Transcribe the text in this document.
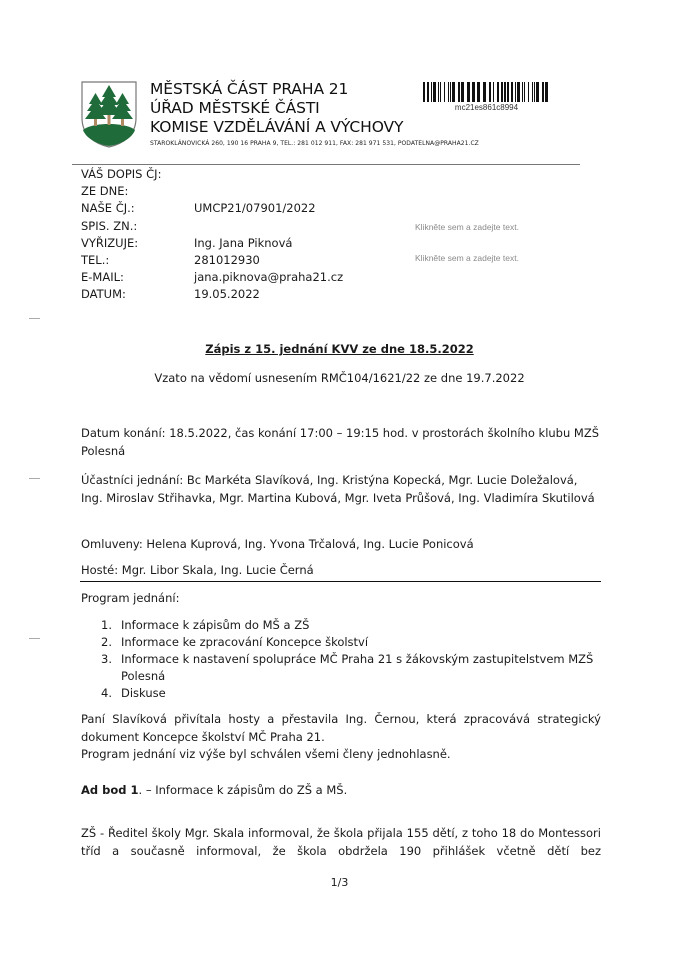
MĚSTSKÁ ČÁST PRAHA 21
ÚŘAD MĚSTSKÉ ČÁSTI
KOMISE VZDĚLÁVÁNÍ A VÝCHOVY
STAROKLÁNOVICKÁ 260, 190 16 PRAHA 9, TEL.: 281 012 911, FAX: 281 971 531, PODATELNA@PRAHA21.CZ
mc21es861c8994
VÁŠ DOPIS ČJ:
ZE DNE:
NAŠE ČJ.:	UMCP21/07901/2022
SPIS. ZN.:
VYŘIZUJE:	Ing. Jana Piknová
TEL.:	281012930
E-MAIL:	jana.piknova@praha21.cz
DATUM:	19.05.2022
Klikněte sem a zadejte text.
Klikněte sem a zadejte text.
Zápis z 15. jednání KVV ze dne 18.5.2022
Vzato na vědomí usnesením RMČ104/1621/22 ze dne 19.7.2022
Datum konání: 18.5.2022, čas konání 17:00 – 19:15 hod. v prostorách školního klubu MZŠ Polesná
Účastníci jednání: Bc Markéta Slavíková, Ing. Kristýna Kopecká, Mgr. Lucie Doležalová, Ing. Miroslav Střihavka, Mgr. Martina Kubová, Mgr. Iveta Průšová, Ing. Vladimíra Skutilová
Omluveny: Helena Kuprová, Ing. Yvona Trčalová, Ing. Lucie Ponicová
Hosté: Mgr. Libor Skala, Ing. Lucie Černá
Program jednání:
1. Informace k zápisům do MŠ a ZŠ
2. Informace ke zpracování Koncepce školství
3. Informace k nastavení spolupráce MČ Praha 21 s žákovským zastupitelstvem MZŠ Polesná
4. Diskuse
Paní Slavíková přivítala hosty a přestavila Ing. Černou, která zpracovává strategický dokument Koncepce školství MČ Praha 21.
Program jednání viz výše byl schválen všemi členy jednohlasně.
Ad bod 1. – Informace k zápisům do ZŠ a MŠ.
ZŠ - Ředitel školy Mgr. Skala informoval, že škola přijala 155 dětí, z toho 18 do Montessori tříd a současně informoval, že škola obdržela 190 přihlášek včetně dětí bez
1/3
